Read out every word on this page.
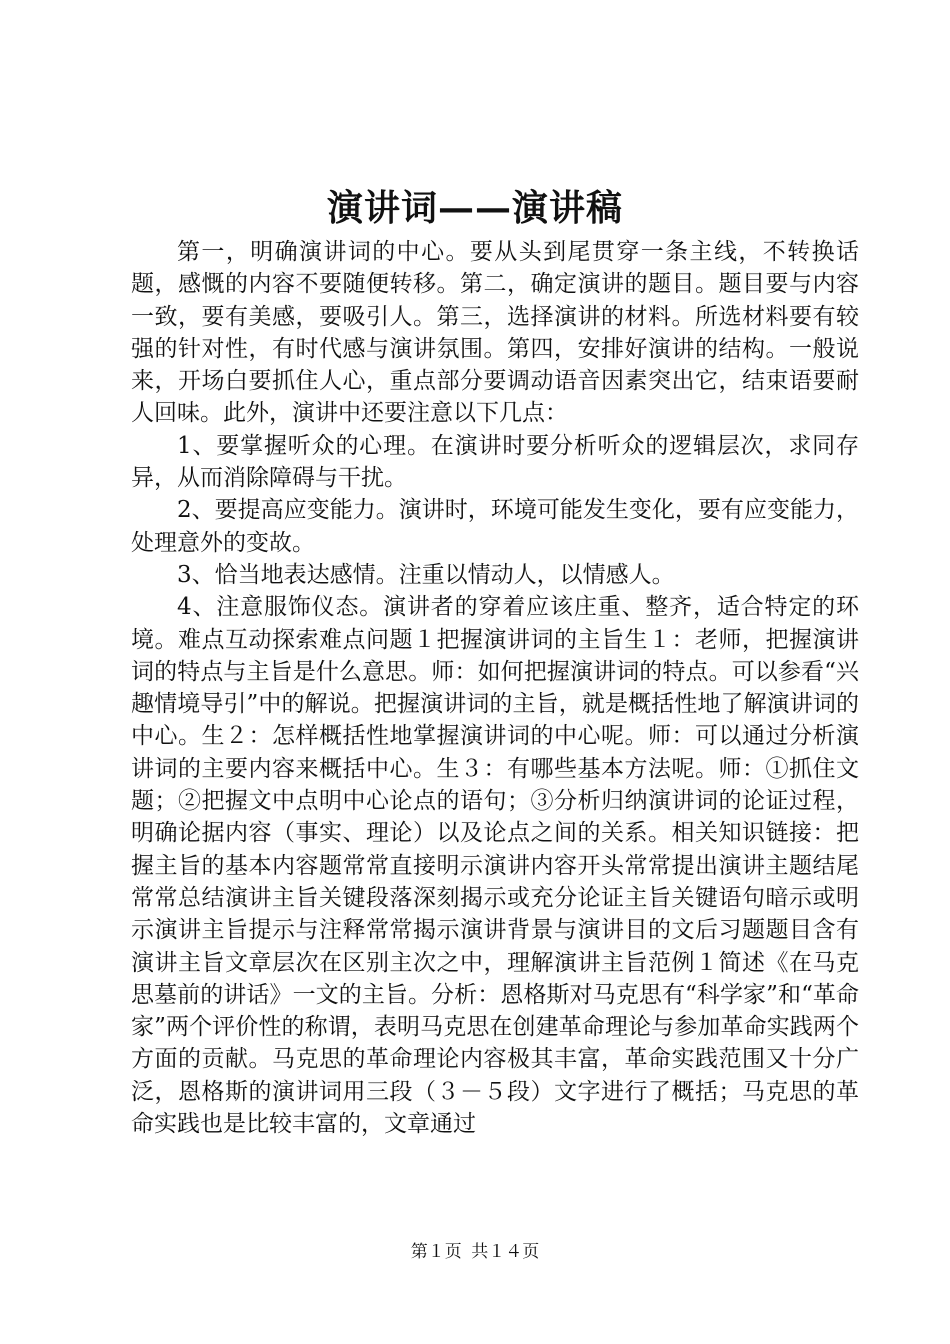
演讲词——演讲稿

第一，明确演讲词的中心。要从头到尾贯穿一条主线，不转换话题，感慨的内容不要随便转移。第二，确定演讲的题目。题目要与内容一致，要有美感，要吸引人。第三，选择演讲的材料。所选材料要有较强的针对性，有时代感与演讲氛围。第四，安排好演讲的结构。一般说来，开场白要抓住人心，重点部分要调动语音因素突出它，结束语要耐人回味。此外，演讲中还要注意以下几点：

1、要掌握听众的心理。在演讲时要分析听众的逻辑层次，求同存异，从而消除障碍与干扰。

2、要提高应变能力。演讲时，环境可能发生变化，要有应变能力，处理意外的变故。

3、恰当地表达感情。注重以情动人，以情感人。

4、注意服饰仪态。演讲者的穿着应该庄重、整齐，适合特定的环境。难点互动探索难点问题１把握演讲词的主旨生１：老师，把握演讲词的特点与主旨是什么意思。师：如何把握演讲词的特点。可以参看“兴趣情境导引”中的解说。把握演讲词的主旨，就是概括性地了解演讲词的中心。生２：怎样概括性地掌握演讲词的中心呢。师：可以通过分析演讲词的主要内容来概括中心。生３：有哪些基本方法呢。师：①抓住文题；②把握文中点明中心论点的语句；③分析归纳演讲词的论证过程，明确论据内容（事实、理论）以及论点之间的关系。相关知识链接：把握主旨的基本内容题常常直接明示演讲内容开头常常提出演讲主题结尾常常总结演讲主旨关键段落深刻揭示或充分论证主旨关键语句暗示或明示演讲主旨提示与注释常常揭示演讲背景与演讲目的文后习题题目含有演讲主旨文章层次在区别主次之中，理解演讲主旨范例１简述《在马克思墓前的讲话》一文的主旨。分析：恩格斯对马克思有“科学家”和“革命家”两个评价性的称谓，表明马克思在创建革命理论与参加革命实践两个方面的贡献。马克思的革命理论内容极其丰富，革命实践范围又十分广泛，恩格斯的演讲词用三段（３－５段）文字进行了概括；马克思的革命实践也是比较丰富的，文章通过

第１页 共１４页
